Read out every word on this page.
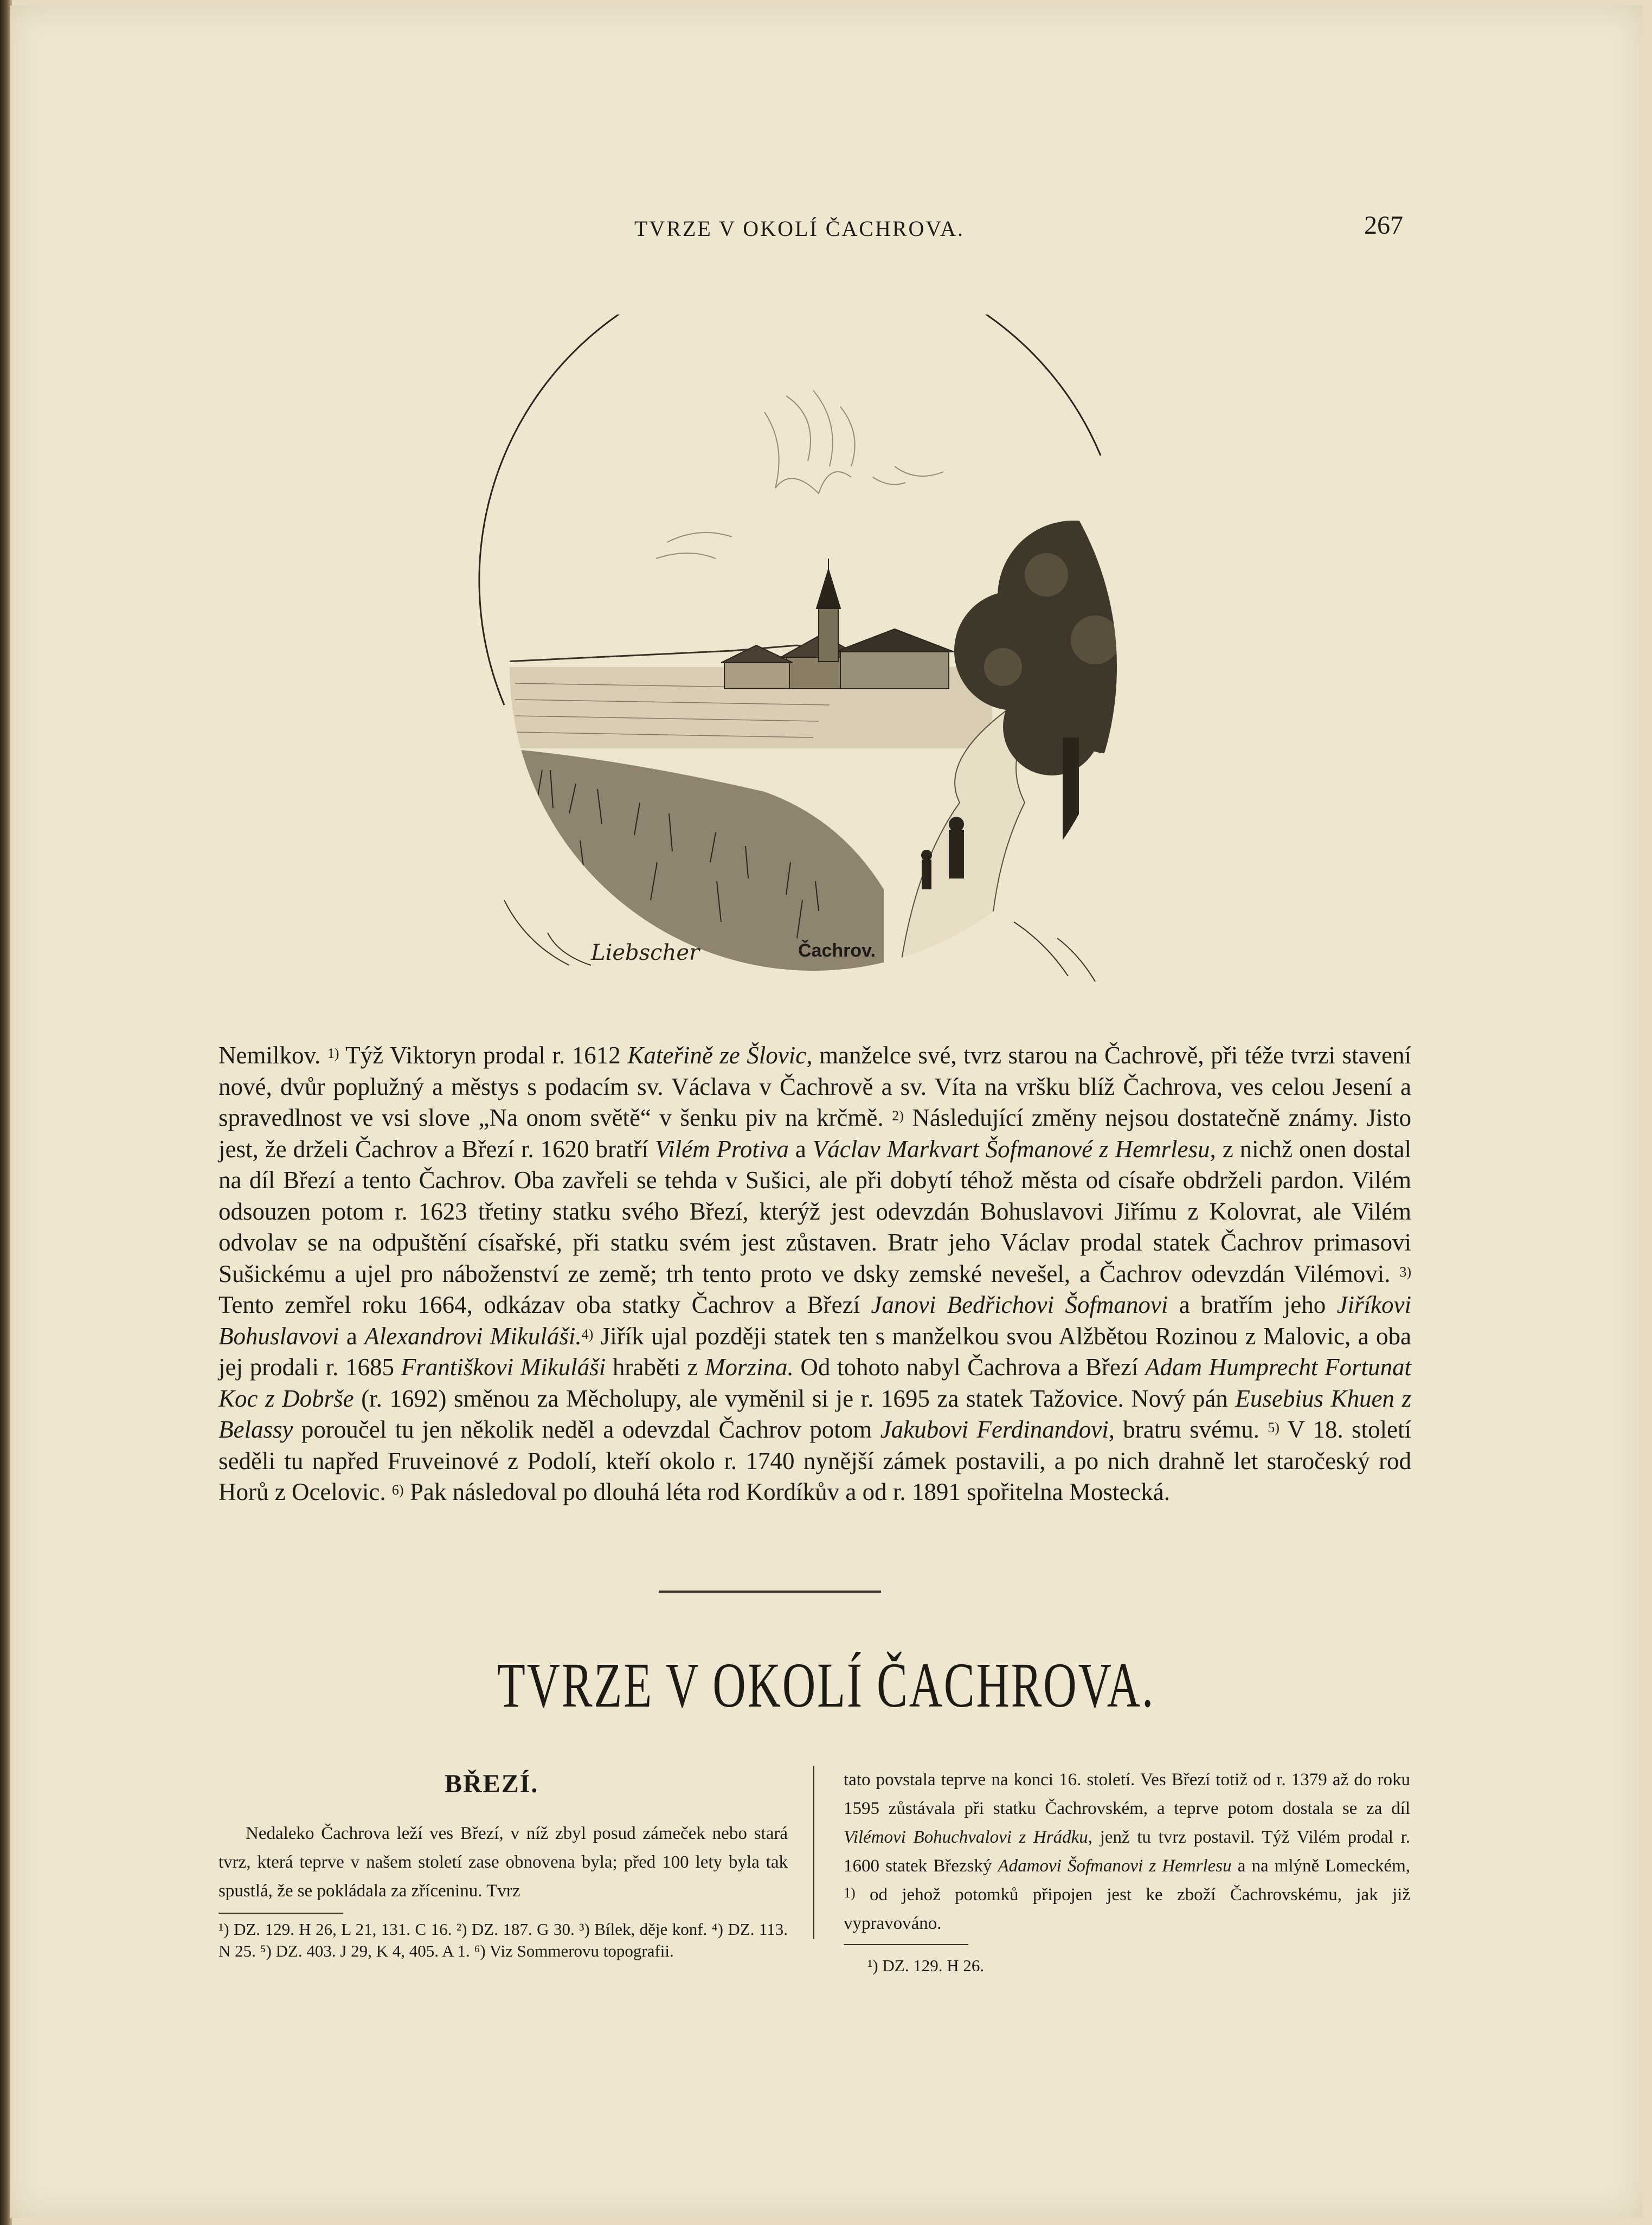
TVRZE V OKOLÍ ČACHROVA.	267
Liebscher	Čachrov.

Nemilkov. $^{1)}$ Týž Viktoryn prodal r. 1612 Kateřině ze Šlovic, manželce své, tvrz starou na Čachrově, při téže tvrzi stavení nové, dvůr poplužný a městys s podacím sv. Václava v Čachrově a sv. Víta na vršku blíž Čachrova, ves celou Jesení a spravedlnost ve vsi slove „Na onom světě“ v šenku piv na krčmě. $^{2)}$ Následující změny nejsou dostatečně známy. Jisto jest, že drželi Čachrov a Březí r. 1620 bratří Vilém Protiva a Václav Markvart Šofmanové z Hemrlesu, z nichž onen dostal na díl Březí a tento Čachrov. Oba zavřeli se tehda v Sušici, ale při dobytí téhož města od císaře obdrželi pardon. Vilém odsouzen potom r. 1623 třetiny statku svého Březí, kterýž jest odevzdán Bohuslavovi Jiřímu z Kolovrat, ale Vilém odvolav se na odpuštění císařské, při statku svém jest zůstaven. Bratr jeho Václav prodal statek Čachrov primasovi Sušickému a ujel pro náboženství ze země; trh tento proto ve dsky zemské nevešel, a Čachrov odevzdán Vilémovi. $^{3)}$ Tento zemřel roku 1664, odkázav oba statky Čachrov a Březí Janovi Bedřichovi Šofmanovi a bratřím jeho Jiříkovi Bohuslavovi a Alexandrovi Mikuláši.$^{4)}$ Jiřík ujal později statek ten s manželkou svou Alžbětou Rozinou z Malovic, a oba jej prodali r. 1685 Františkovi Mikuláši hraběti z Morzina. Od tohoto nabyl Čachrova a Březí Adam Humprecht Fortunat Koc z Dobrše (r. 1692) směnou za Měcholupy, ale vyměnil si je r. 1695 za statek Tažovice. Nový pán Eusebius Khuen z Belassy poroučel tu jen několik neděl a odevzdal Čachrov potom Jakubovi Ferdinandovi, bratru svému. $^{5)}$ V 18. století seděli tu napřed Fruveinové z Podolí, kteří okolo r. 1740 nynější zámek postavili, a po nich drahně let staročeský rod Horů z Ocelovic. $^{6)}$ Pak následoval po dlouhá léta rod Kordíkův a od r. 1891 spořitelna Mostecká.

TVRZE V OKOLÍ ČACHROVA.
BŘEZÍ.
Nedaleko Čachrova leží ves Březí, v níž zbyl posud zámeček nebo stará tvrz, která teprve v našem století zase obnovena byla; před 100 lety byla tak spustlá, že se pokládala za zříceninu. Tvrz
tato povstala teprve na konci 16. století. Ves Březí totiž od r. 1379 až do roku 1595 zůstávala při statku Čachrovském, a teprve potom dostala se za díl Vilémovi Bohuchvalovi z Hrádku, jenž tu tvrz postavil. Týž Vilém prodal r. 1600 statek Březský Adamovi Šofmanovi z Hemrlesu a na mlýně Lomeckém, $^{1)}$ od jehož potomků připojen jest ke zboží Čachrovskému, jak již vypravováno.
¹) DZ. 129. H 26, L 21, 131. C 16. ²) DZ. 187. G 30. ³) Bílek, děje konf. ⁴) DZ. 113. N 25. ⁵) DZ. 403. J 29, K 4, 405. A 1. ⁶) Viz Sommerovu topografii.
¹) DZ. 129. H 26.
